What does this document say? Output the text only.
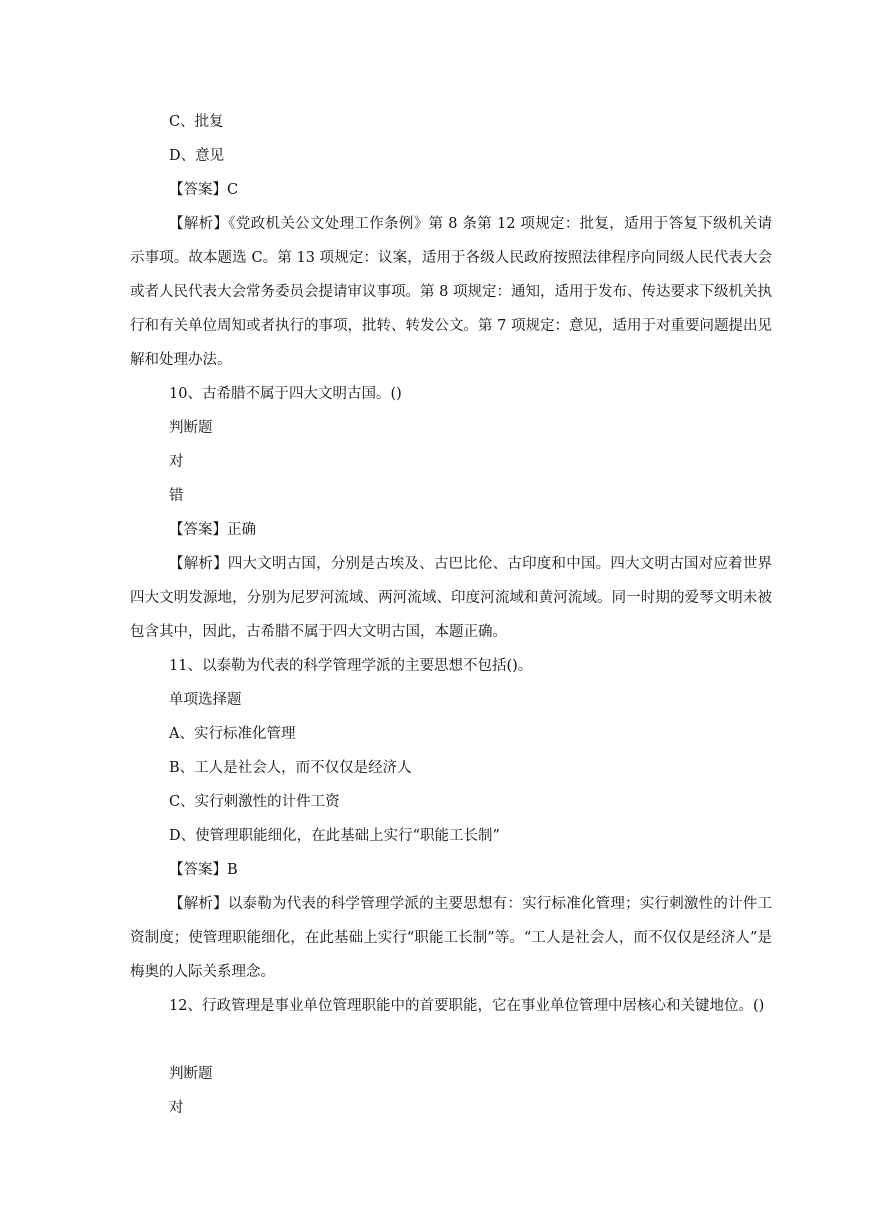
C、批复
D、意见
【答案】C
【解析】《党政机关公文处理工作条例》第 8 条第 12 项规定：批复，适用于答复下级机关请示事项。故本题选 C。第 13 项规定：议案，适用于各级人民政府按照法律程序向同级人民代表大会或者人民代表大会常务委员会提请审议事项。第 8 项规定：通知，适用于发布、传达要求下级机关执行和有关单位周知或者执行的事项，批转、转发公文。第 7 项规定：意见，适用于对重要问题提出见解和处理办法。
10、古希腊不属于四大文明古国。()
判断题
对
错
【答案】正确
【解析】四大文明古国，分别是古埃及、古巴比伦、古印度和中国。四大文明古国对应着世界四大文明发源地，分别为尼罗河流域、两河流域、印度河流域和黄河流域。同一时期的爱琴文明未被包含其中，因此，古希腊不属于四大文明古国，本题正确。
11、以泰勒为代表的科学管理学派的主要思想不包括()。
单项选择题
A、实行标准化管理
B、工人是社会人，而不仅仅是经济人
C、实行刺激性的计件工资
D、使管理职能细化，在此基础上实行“职能工长制”
【答案】B
【解析】以泰勒为代表的科学管理学派的主要思想有：实行标准化管理；实行刺激性的计件工资制度；使管理职能细化，在此基础上实行“职能工长制”等。“工人是社会人，而不仅仅是经济人”是梅奥的人际关系理念。
12、行政管理是事业单位管理职能中的首要职能，它在事业单位管理中居核心和关键地位。()
判断题
对
